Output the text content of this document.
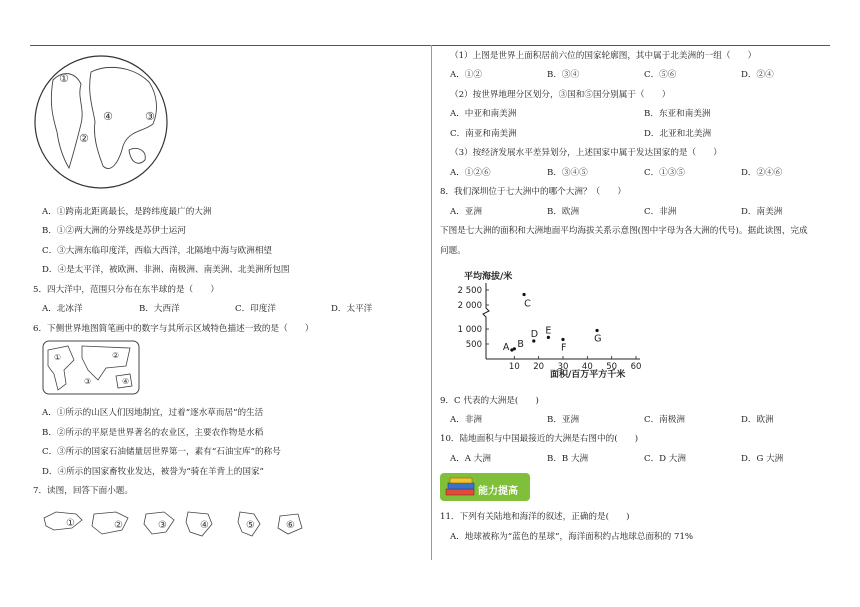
①
②
③
④
A．①跨南北距离最长，是跨纬度最广的大洲
B．①②两大洲的分界线是苏伊士运河
C．③大洲东临印度洋，西临大西洋，北隔地中海与欧洲相望
D．④是太平洋，被欧洲、非洲、南极洲、南美洲、北美洲所包围
5．四大洋中，范围只分布在东半球的是（　　）
A．北冰洋	B．大西洋	C．印度洋	D．太平洋
6．下侧世界地图简笔画中的数字与其所示区域特色描述一致的是（　　）
①	②
③	④
A．①所示的山区人们因地制宜，过着“逐水草而居”的生活
B．②所示的平原是世界著名的农业区，主要农作物是水稻
C．③所示的国家石油储量居世界第一，素有“石油宝库”的称号
D．④所示的国家畜牧业发达，被誉为“骑在羊背上的国家”
7．读图，回答下面小题。
①	②	③	④	⑤	⑥
（1）上图是世界上面积居前六位的国家轮廓图，其中属于北美洲的一组（　　）
A．①②	B．③④	C．⑤⑥	D．②④
（2）按世界地理分区划分，③国和⑤国分别属于（　　）
A．中亚和南美洲	B．东亚和南美洲
C．南亚和南美洲	D．北亚和北美洲
（3）按经济发展水平差异划分，上述国家中属于发达国家的是（　　）
A．①②⑥	B．③④⑤	C．①③⑤	D．②④⑥
8．我们深圳位于七大洲中的哪个大洲？（　　）
A．亚洲	B．欧洲	C．非洲	D．南美洲
下图是七大洲的面积和大洲地面平均海拔关系示意图(图中字母为各大洲的代号)。据此读图，完成
问题。
平均海拔/米
面积/百万平方千米
500
1 000
2 000
2 500
10 20 30 40 50 60
A B
D E
F
C
G
能力提高
9．C 代表的大洲是(　　)
A．非洲	B．亚洲	C．南极洲	D．欧洲
10．陆地面积与中国最接近的大洲是右图中的(　　)
A．A 大洲	B．B 大洲	C．D 大洲	D．G 大洲
11．下列有关陆地和海洋的叙述，正确的是(　　)
A．地球被称为“蓝色的星球”，海洋面积约占地球总面积的 71%
